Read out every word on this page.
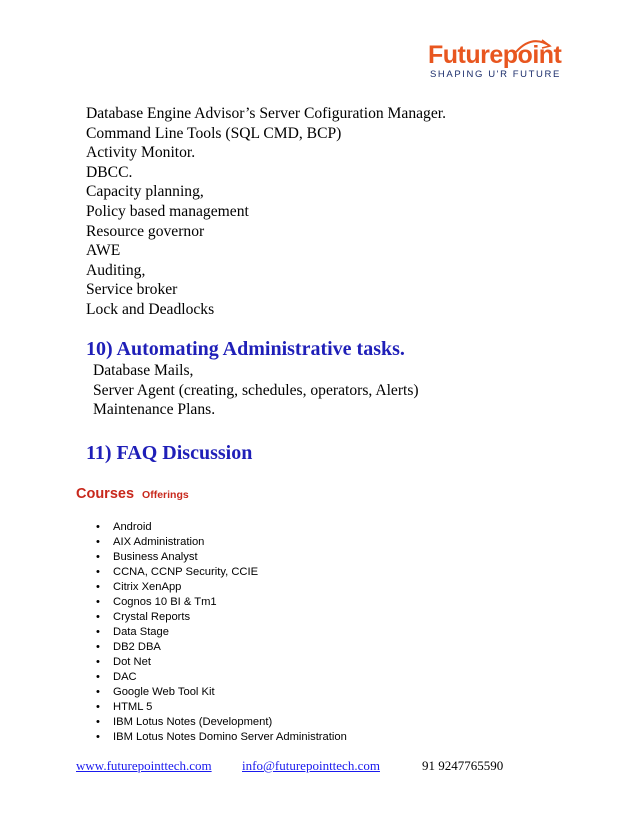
Futurepoint
SHAPING U'R FUTURE
Database Engine Advisor’s Server Cofiguration Manager.
Command Line Tools (SQL CMD, BCP)
Activity Monitor.
DBCC.
Capacity planning,
Policy based management
Resource governor
AWE
Auditing,
Service broker
Lock and Deadlocks
10) Automating Administrative tasks.
Database Mails,
Server Agent (creating, schedules, operators, Alerts)
Maintenance Plans.
11) FAQ Discussion
Courses Offerings
•	Android
•	AIX Administration
•	Business Analyst
•	CCNA, CCNP Security, CCIE
•	Citrix XenApp
•	Cognos 10 BI & Tm1
•	Crystal Reports
•	Data Stage
•	DB2 DBA
•	Dot Net
•	DAC
•	Google Web Tool Kit
•	HTML 5
•	IBM Lotus Notes (Development)
•	IBM Lotus Notes Domino Server Administration
www.futurepointtech.com info@futurepointtech.com	91 9247765590
